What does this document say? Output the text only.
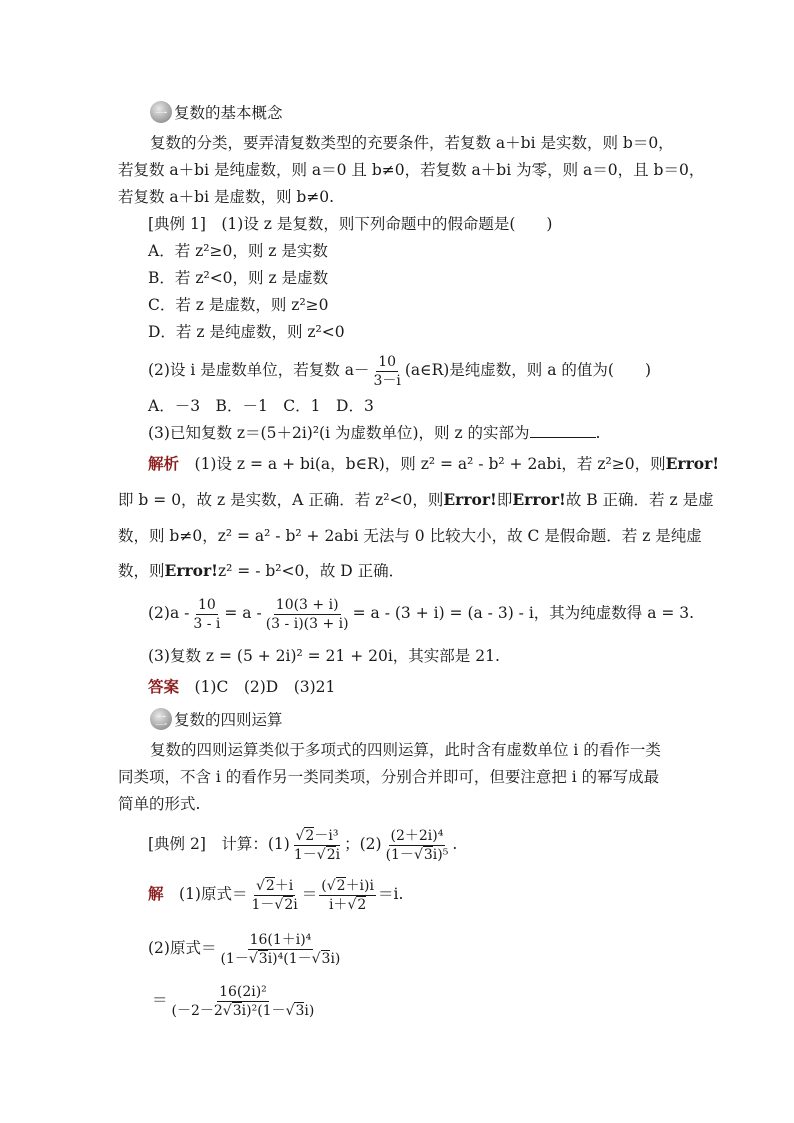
一 复数的基本概念
复数的分类，要弄清复数类型的充要条件，若复数 a＋bi 是实数，则 b＝0，
若复数 a＋bi 是纯虚数，则 a＝0 且 b≠0，若复数 a＋bi 为零，则 a＝0，且 b＝0，
若复数 a＋bi 是虚数，则 b≠0.
[典例 1]　(1)设 z 是复数，则下列命题中的假命题是(　　)
A．若 z²≥0，则 z 是实数
B．若 z²<0，则 z 是虚数
C．若 z 是虚数，则 z²≥0
D．若 z 是纯虚数，则 z²<0
(2)设 i 是虚数单位，若复数 $a- \frac{10}{3-i}$ (a∈R)是纯虚数，则 a 的值为(　　)
A．－3　B．－1　C．1　D．3
(3)已知复数 z＝(5＋2i)²(i 为虚数单位)，则 z 的实部为	.
解析　(1)设 z = a + bi(a，b∈R)，则 z² = a² - b² + 2abi，若 z²≥0，则Error!
即 b = 0，故 z 是实数，A 正确．若 z²<0，则Error!即Error!故 B 正确．若 z 是虚
数，则 b≠0，z² = a² - b² + 2abi 无法与 0 比较大小，故 C 是假命题．若 z 是纯虚
数，则Error!z² = - b²<0，故 D 正确．
$(2)a - \frac{10}{3 - i} = a - \frac{10(3 + i)}{(3 - i)(3 + i)} = a - (3 + i) = (a - 3) - i$，其为纯虚数得 a = 3.
(3)复数 z = (5 + 2i)² = 21 + 20i，其实部是 21.
答案　(1)C　(2)D　(3)21
二 复数的四则运算
复数的四则运算类似于多项式的四则运算，此时含有虚数单位 i 的看作一类
同类项，不含 i 的看作另一类同类项，分别合并即可，但要注意把 i 的幂写成最
简单的形式.
[典例 2]　计算：$(1) \frac{\text{√2－i³}}{1-√2i}$ ；$(2) \frac{\text{(2＋2i)⁴}}{\text{(1－√3i)⁵}}$ .
解　(1)原式＝ $\frac{√2+i}{1-√2i} = \frac{(√2+i)i}{i+√2} =i$.
(2)原式＝ $\frac{\text{16(1＋i)⁴}}{\text{(1－√3i)⁴(1－√3i)}}$
＝ $\frac{\text{16(2i)²}}{\text{(－2－2√3i)²(1－√3i)}}$
